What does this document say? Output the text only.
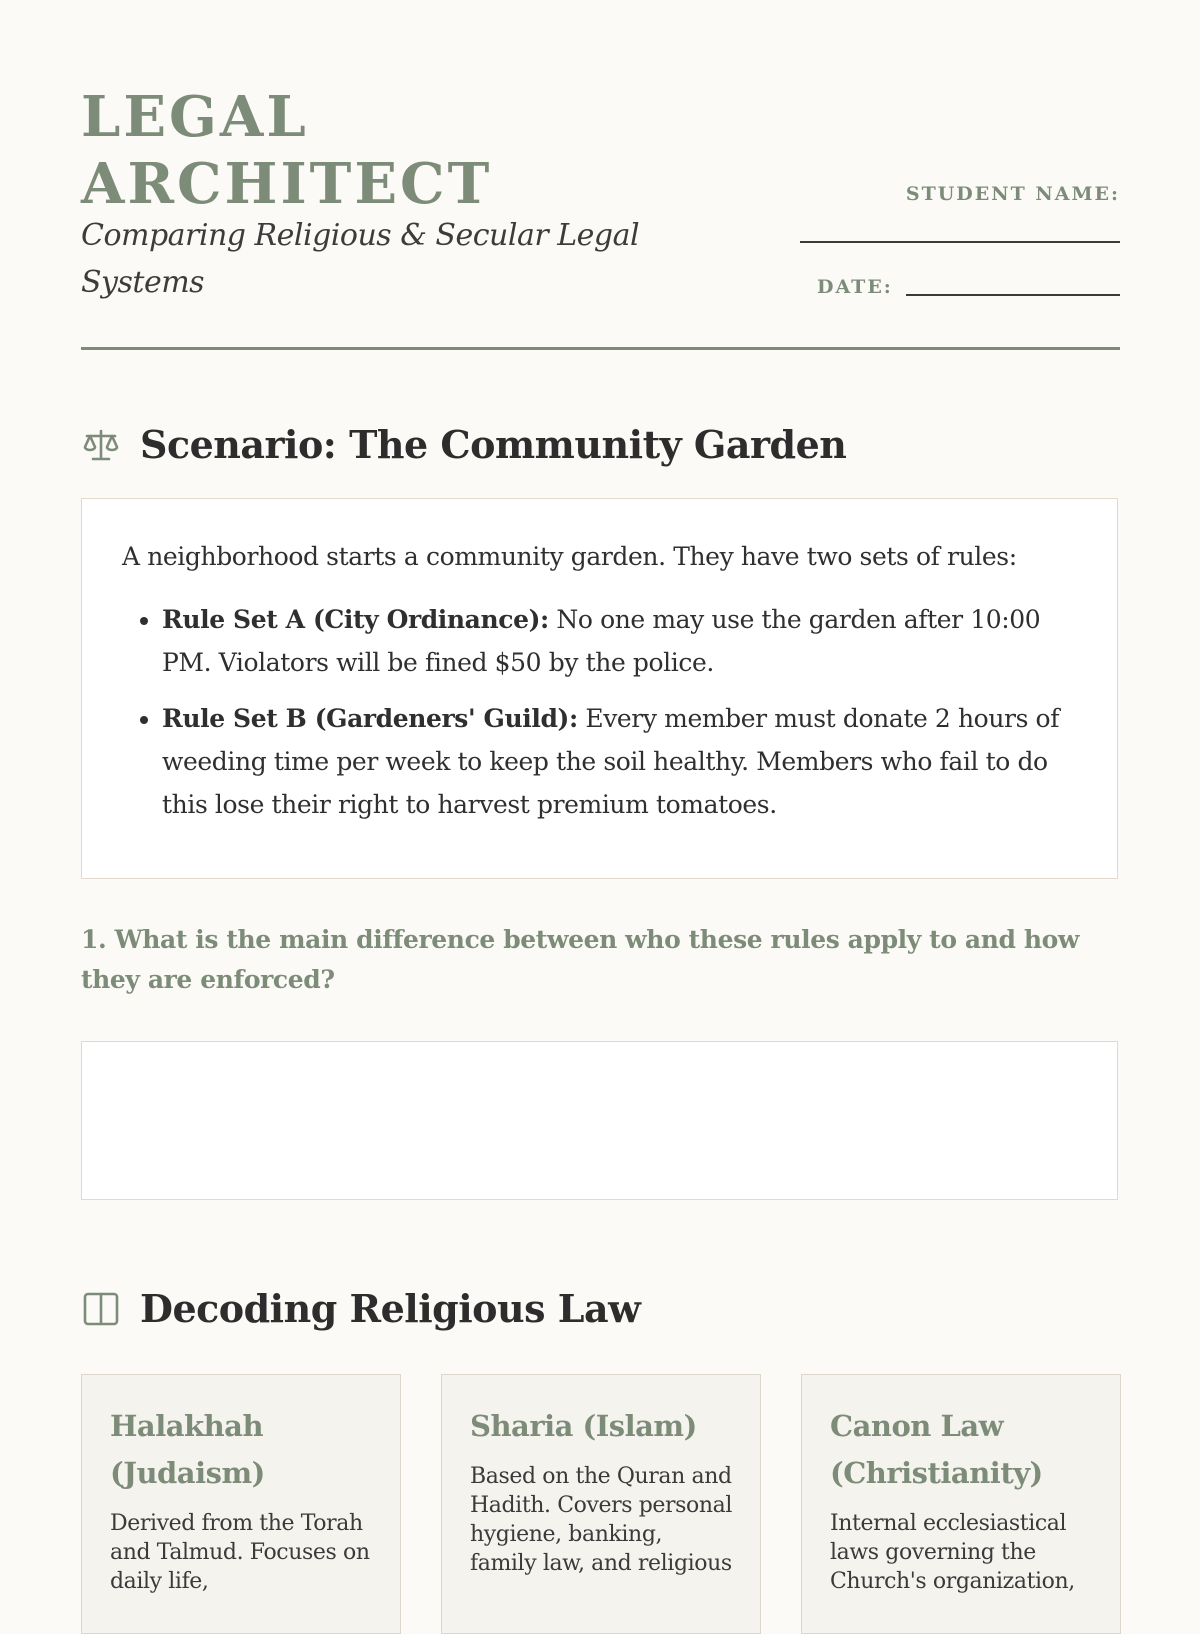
LEGAL
ARCHITECT

Comparing Religious & Secular Legal Systems

STUDENT NAME:
DATE:
Scenario: The Community Garden

A neighborhood starts a community garden. They have two sets of rules:

• Rule Set A (City Ordinance): No one may use the garden after 10:00 PM. Violators will be fined $50 by the police.
• Rule Set B (Gardeners' Guild): Every member must donate 2 hours of weeding time per week to keep the soil healthy. Members who fail to do this lose their right to harvest premium tomatoes.

1. What is the main difference between who these rules apply to and how they are enforced?

Decoding Religious Law
Halakhah (Judaism)

Derived from the Torah and Talmud. Focuses on daily life,

Sharia (Islam)

Based on the Quran and Hadith. Covers personal hygiene, banking, family law, and religious

Canon Law (Christianity)

Internal ecclesiastical laws governing the Church's organization,
